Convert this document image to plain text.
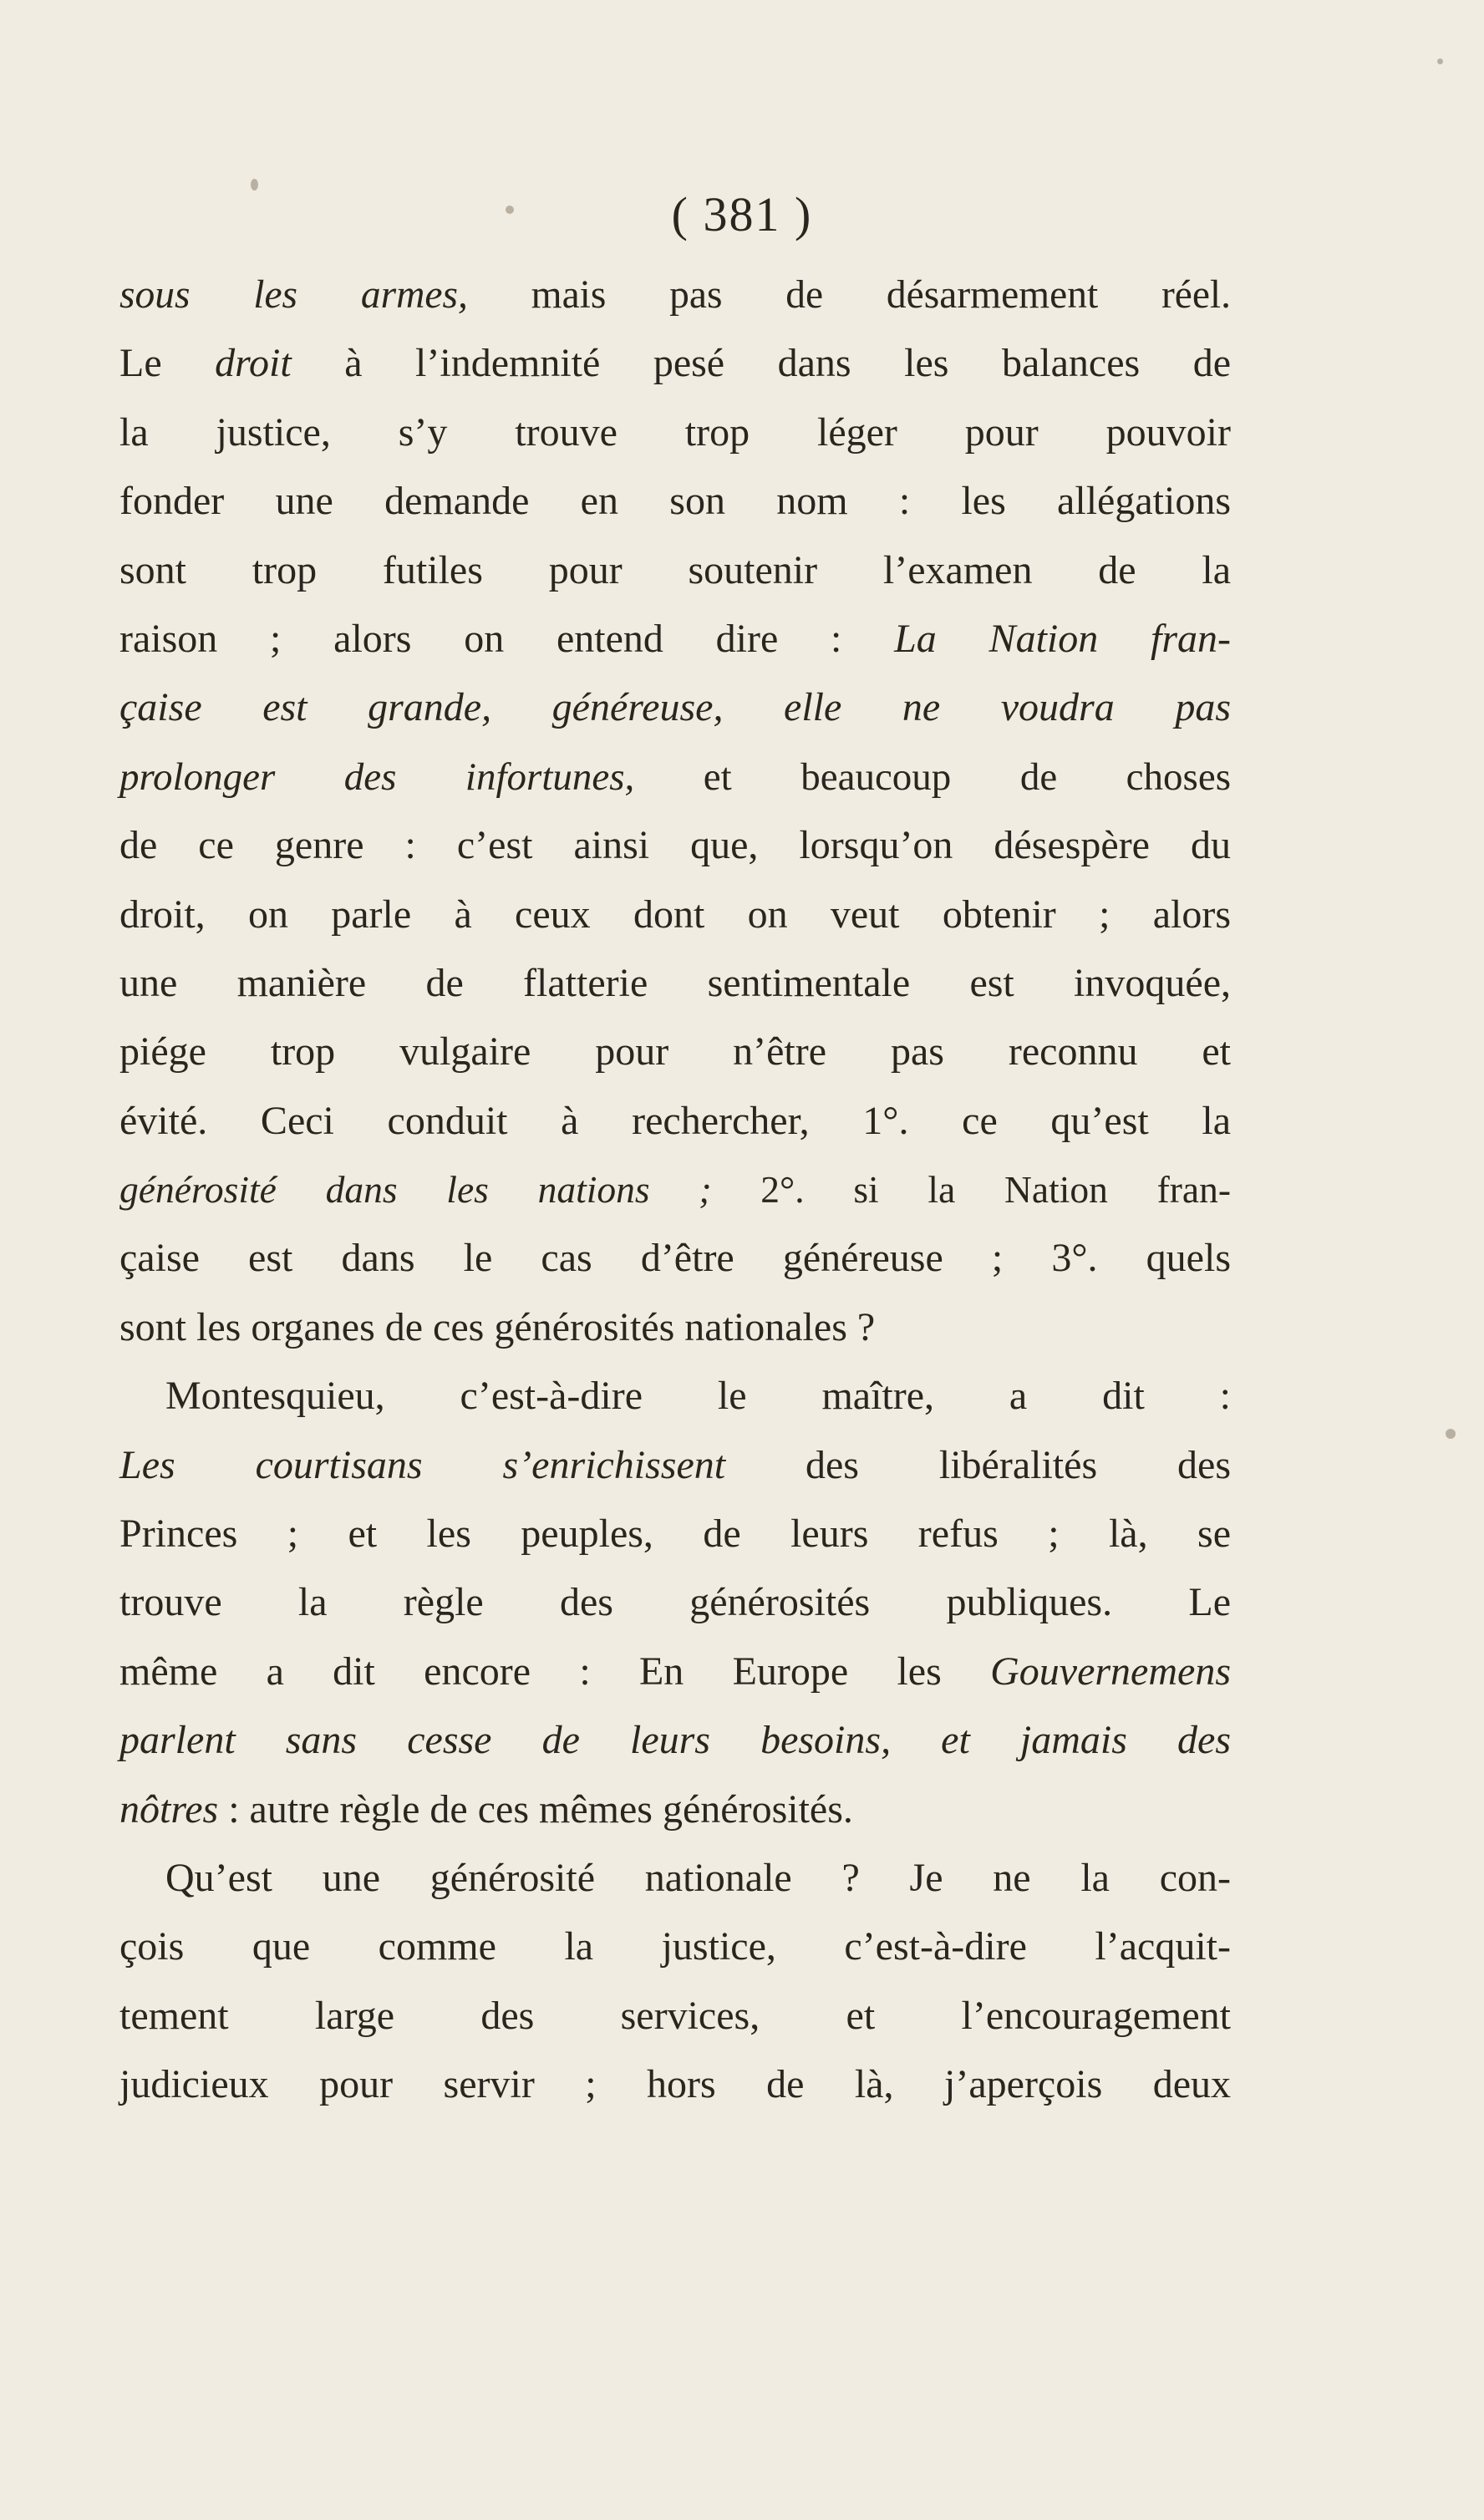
( 381 )
sous les armes, mais pas de désarmement réel.
Le droit à l’indemnité pesé dans les balances de
la justice, s’y trouve trop léger pour pouvoir
fonder une demande en son nom : les allégations
sont trop futiles pour soutenir l’examen de la
raison ; alors on entend dire : La Nation fran-
çaise est grande, généreuse, elle ne voudra pas
prolonger des infortunes, et beaucoup de choses
de ce genre : c’est ainsi que, lorsqu’on désespère du
droit, on parle à ceux dont on veut obtenir ; alors
une manière de flatterie sentimentale est invoquée,
piége trop vulgaire pour n’être pas reconnu et
évité. Ceci conduit à rechercher, 1°. ce qu’est la
générosité dans les nations ; 2°. si la Nation fran-
çaise est dans le cas d’être généreuse ; 3°. quels
sont les organes de ces générosités nationales ?
Montesquieu, c’est-à-dire le maître, a dit :
Les courtisans s’enrichissent des libéralités des
Princes ; et les peuples, de leurs refus ; là, se
trouve la règle des générosités publiques. Le
même a dit encore : En Europe les Gouvernemens
parlent sans cesse de leurs besoins, et jamais des
nôtres : autre règle de ces mêmes générosités.
Qu’est une générosité nationale ? Je ne la con-
çois que comme la justice, c’est-à-dire l’acquit-
tement large des services, et l’encouragement
judicieux pour servir ; hors de là, j’aperçois deux
